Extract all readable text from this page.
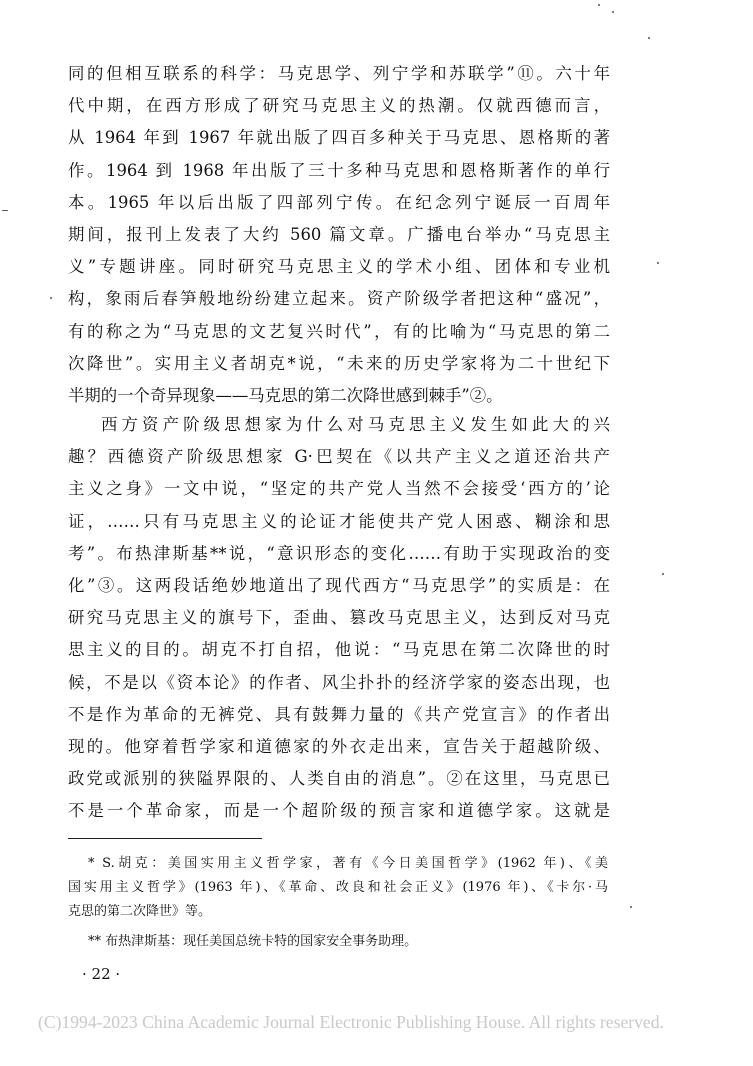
同的但相互联系的科学：马克思学、列宁学和苏联学”⑪。六十年
代中期，在西方形成了研究马克思主义的热潮。仅就西德而言，
从 1964 年到 1967 年就出版了四百多种关于马克思、恩格斯的著
作。1964 到 1968 年出版了三十多种马克思和恩格斯著作的单行
本。1965 年以后出版了四部列宁传。在纪念列宁诞辰一百周年
期间，报刊上发表了大约 560 篇文章。广播电台举办“马克思主
义”专题讲座。同时研究马克思主义的学术小组、团体和专业机
构，象雨后春笋般地纷纷建立起来。资产阶级学者把这种“盛况”，
有的称之为“马克思的文艺复兴时代”，有的比喻为“马克思的第二
次降世”。实用主义者胡克*说，“未来的历史学家将为二十世纪下
半期的一个奇异现象——马克思的第二次降世感到棘手”②。
西方资产阶级思想家为什么对马克思主义发生如此大的兴
趣？西德资产阶级思想家 G·巴契在《以共产主义之道还治共产
主义之身》一文中说，“坚定的共产党人当然不会接受‘西方的’论
证，……只有马克思主义的论证才能使共产党人困惑、糊涂和思
考”。布热津斯基**说，“意识形态的变化……有助于实现政治的变
化”③。这两段话绝妙地道出了现代西方“马克思学”的实质是：在
研究马克思主义的旗号下，歪曲、篡改马克思主义，达到反对马克
思主义的目的。胡克不打自招，他说：“马克思在第二次降世的时
候，不是以《资本论》的作者、风尘扑扑的经济学家的姿态出现，也
不是作为革命的无裤党、具有鼓舞力量的《共产党宣言》的作者出
现的。他穿着哲学家和道德家的外衣走出来，宣告关于超越阶级、
政党或派别的狭隘界限的、人类自由的消息”。②在这里，马克思已
不是一个革命家，而是一个超阶级的预言家和道德学家。这就是
* S.胡克：美国实用主义哲学家，著有《今日美国哲学》(1962 年)、《美
国实用主义哲学》(1963 年)、《革命、改良和社会正义》(1976 年)、《卡尔·马
克思的第二次降世》等。
** 布热津斯基：现任美国总统卡特的国家安全事务助理。
· 22 ·
(C)1994-2023 China Academic Journal Electronic Publishing House. All rights reserved.
